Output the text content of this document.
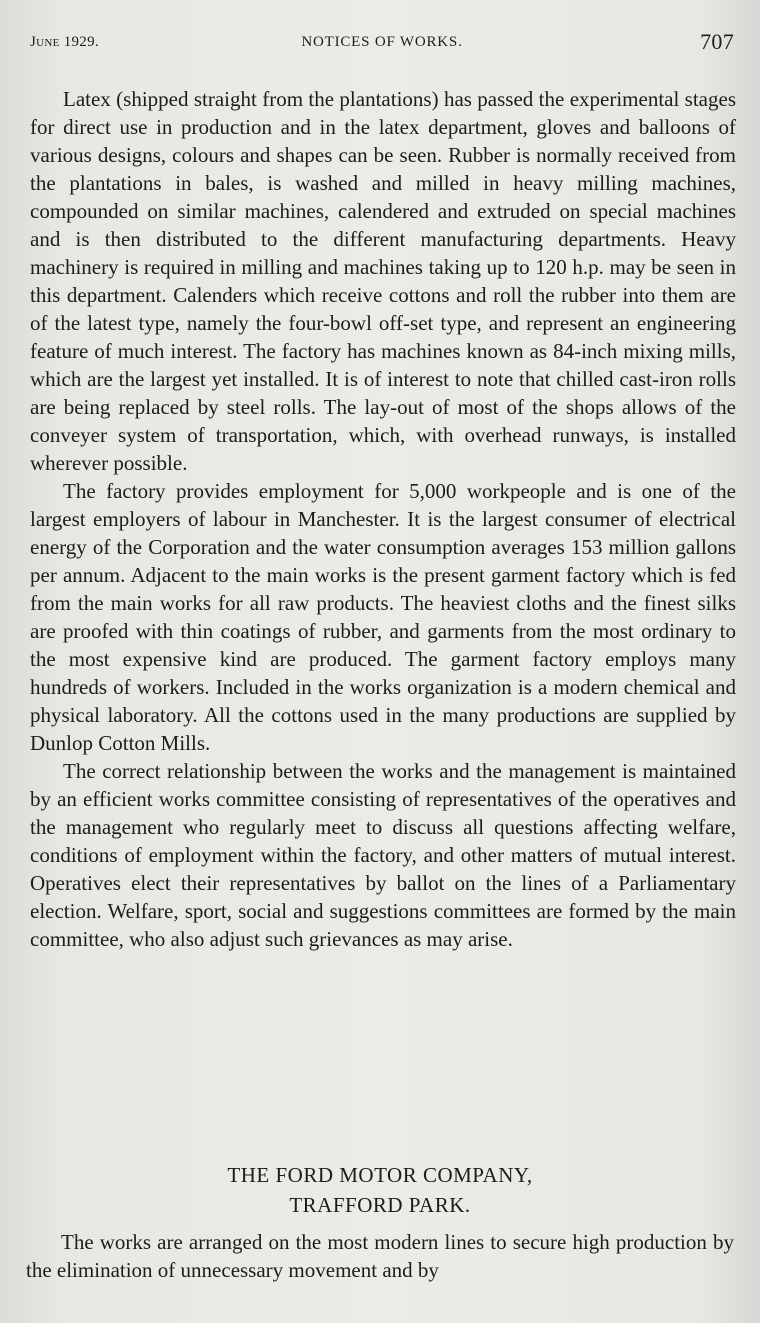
June 1929.	NOTICES OF WORKS.	707

Latex (shipped straight from the plantations) has passed the experimental stages for direct use in production and in the latex department, gloves and balloons of various designs, colours and shapes can be seen. Rubber is normally received from the plantations in bales, is washed and milled in heavy milling machines, compounded on similar machines, calendered and extruded on special machines and is then distributed to the different manufacturing departments. Heavy machinery is required in milling and machines taking up to 120 h.p. may be seen in this department. Calenders which receive cottons and roll the rubber into them are of the latest type, namely the four-bowl off-set type, and represent an engineering feature of much interest. The factory has machines known as 84-inch mixing mills, which are the largest yet installed. It is of interest to note that chilled cast-iron rolls are being replaced by steel rolls. The lay-out of most of the shops allows of the conveyer system of transportation, which, with overhead runways, is installed wherever possible.

The factory provides employment for 5,000 workpeople and is one of the largest employers of labour in Manchester. It is the largest consumer of electrical energy of the Corporation and the water consumption averages 153 million gallons per annum. Adjacent to the main works is the present garment factory which is fed from the main works for all raw products. The heaviest cloths and the finest silks are proofed with thin coatings of rubber, and garments from the most ordinary to the most expensive kind are produced. The garment factory employs many hundreds of workers. Included in the works organization is a modern chemical and physical laboratory. All the cottons used in the many productions are supplied by Dunlop Cotton Mills.

The correct relationship between the works and the management is maintained by an efficient works committee consisting of representatives of the operatives and the management who regularly meet to discuss all questions affecting welfare, conditions of employment within the factory, and other matters of mutual interest. Operatives elect their representatives by ballot on the lines of a Parliamentary election. Welfare, sport, social and suggestions committees are formed by the main committee, who also adjust such grievances as may arise.

THE FORD MOTOR COMPANY,
TRAFFORD PARK.

The works are arranged on the most modern lines to secure high production by the elimination of unnecessary movement and by
